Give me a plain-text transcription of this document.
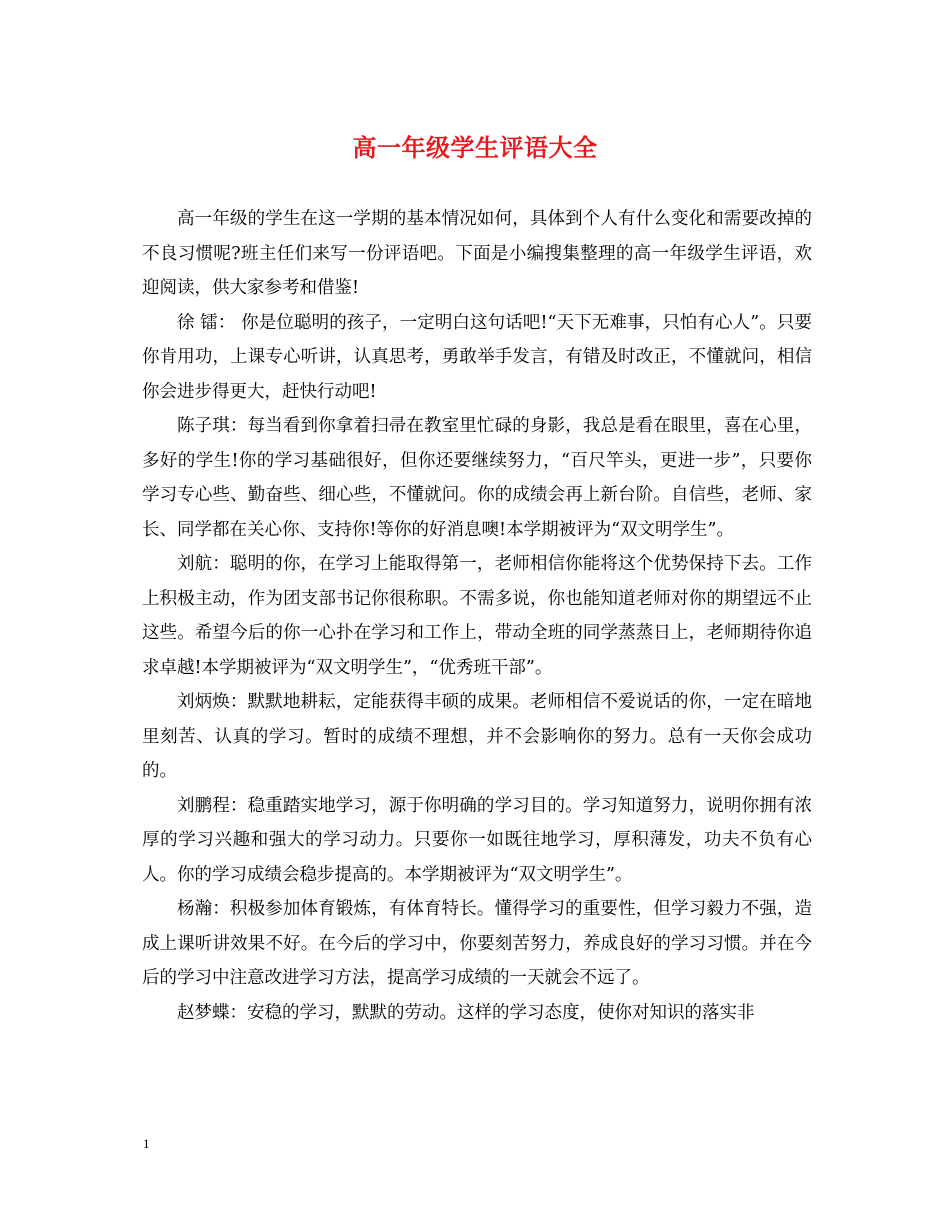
高一年级学生评语大全

高一年级的学生在这一学期的基本情况如何，具体到个人有什么变化和需要改掉的不良习惯呢?班主任们来写一份评语吧。下面是小编搜集整理的高一年级学生评语，欢迎阅读，供大家参考和借鉴!

徐 镭： 你是位聪明的孩子，一定明白这句话吧!“天下无难事，只怕有心人”。只要你肯用功，上课专心听讲，认真思考，勇敢举手发言，有错及时改正，不懂就问，相信你会进步得更大，赶快行动吧!

陈子琪：每当看到你拿着扫帚在教室里忙碌的身影，我总是看在眼里，喜在心里，多好的学生!你的学习基础很好，但你还要继续努力，“百尺竿头，更进一步”，只要你学习专心些、勤奋些、细心些，不懂就问。你的成绩会再上新台阶。自信些，老师、家长、同学都在关心你、支持你!等你的好消息噢!本学期被评为“双文明学生”。

刘航：聪明的你，在学习上能取得第一，老师相信你能将这个优势保持下去。工作上积极主动，作为团支部书记你很称职。不需多说，你也能知道老师对你的期望远不止这些。希望今后的你一心扑在学习和工作上，带动全班的同学蒸蒸日上，老师期待你追求卓越!本学期被评为“双文明学生”，“优秀班干部”。

刘炳焕：默默地耕耘，定能获得丰硕的成果。老师相信不爱说话的你，一定在暗地里刻苦、认真的学习。暂时的成绩不理想，并不会影响你的努力。总有一天你会成功的。

刘鹏程：稳重踏实地学习，源于你明确的学习目的。学习知道努力，说明你拥有浓厚的学习兴趣和强大的学习动力。只要你一如既往地学习，厚积薄发，功夫不负有心人。你的学习成绩会稳步提高的。本学期被评为“双文明学生”。

杨瀚：积极参加体育锻炼，有体育特长。懂得学习的重要性，但学习毅力不强，造成上课听讲效果不好。在今后的学习中，你要刻苦努力，养成良好的学习习惯。并在今后的学习中注意改进学习方法，提高学习成绩的一天就会不远了。

赵梦蝶：安稳的学习，默默的劳动。这样的学习态度，使你对知识的落实非

1
